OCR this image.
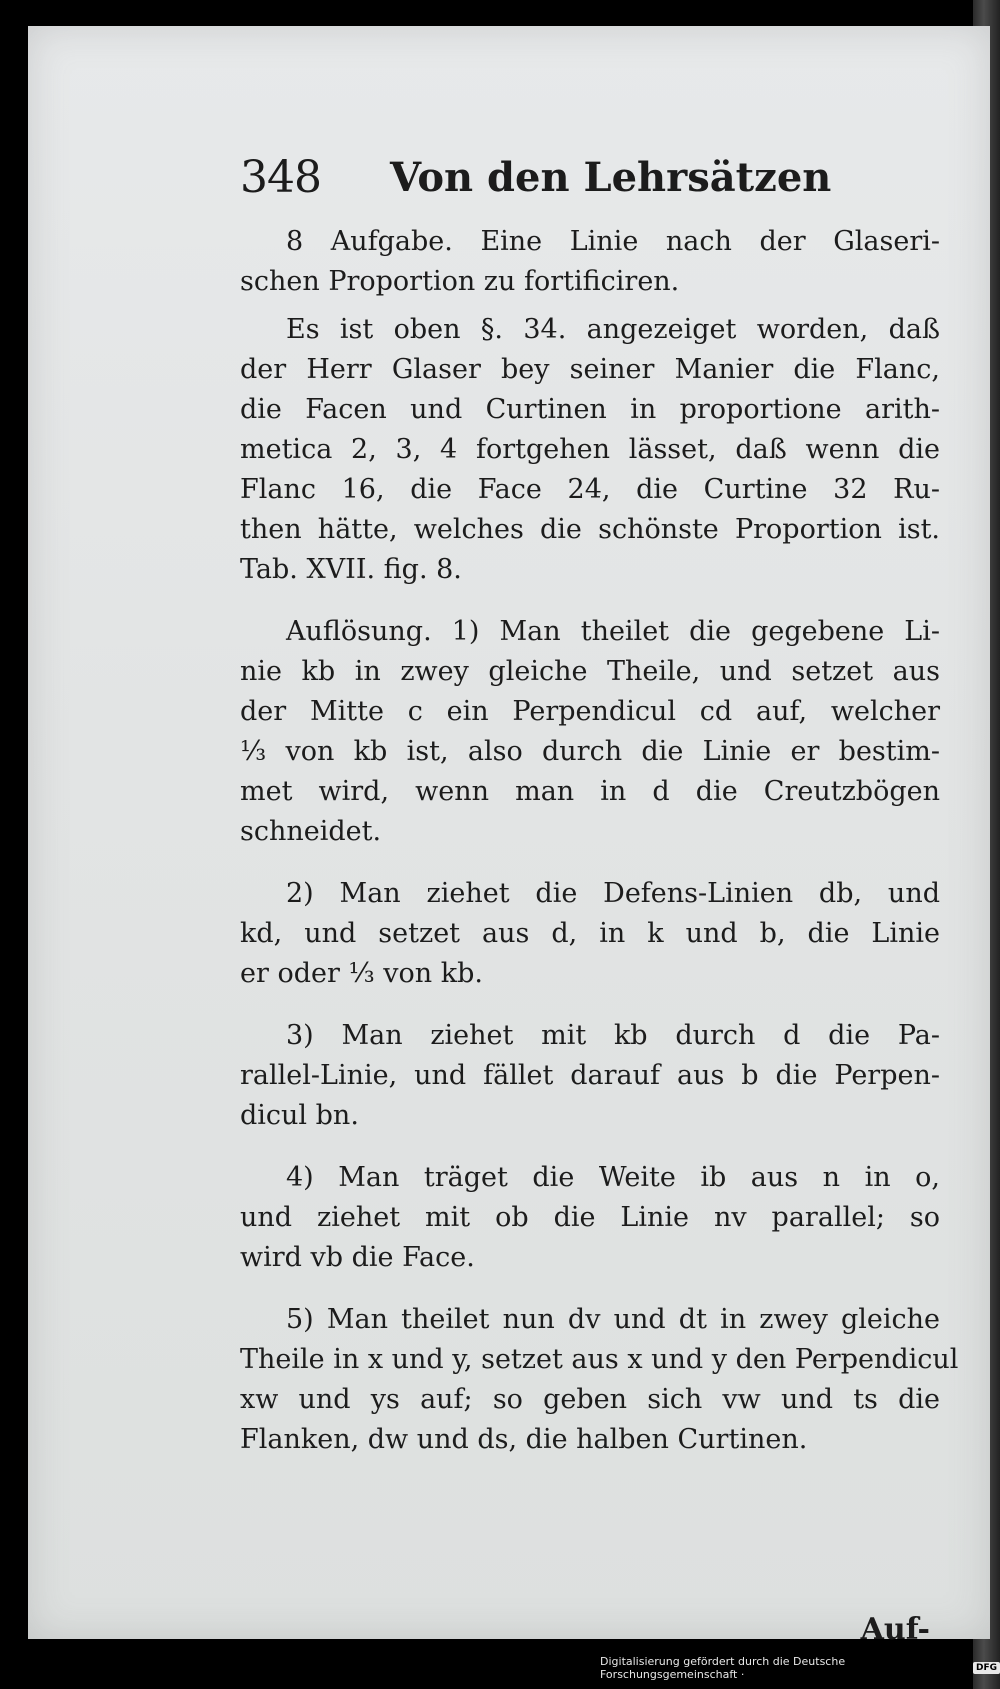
348 Von den Lehrsätzen
8 Aufgabe. Eine Linie nach der Glaseri-
schen Proportion zu fortificiren.
Es ist oben §. 34. angezeiget worden, daß
der Herr Glaser bey seiner Manier die Flanc,
die Facen und Curtinen in proportione arith-
metica 2, 3, 4 fortgehen lässet, daß wenn die
Flanc 16, die Face 24, die Curtine 32 Ru-
then hätte, welches die schönste Proportion ist.
Tab. XVII. fig. 8.
Auflösung. 1) Man theilet die gegebene Li-
nie kb in zwey gleiche Theile, und setzet aus
der Mitte c ein Perpendicul cd auf, welcher
⅓ von kb ist, also durch die Linie er bestim-
met wird, wenn man in d die Creutzbögen
schneidet.
2) Man ziehet die Defens-Linien db, und
kd, und setzet aus d, in k und b, die Linie
er oder ⅓ von kb.
3) Man ziehet mit kb durch d die Pa-
rallel-Linie, und fället darauf aus b die Perpen-
dicul bn.
4) Man träget die Weite ib aus n in o,
und ziehet mit ob die Linie nv parallel; so
wird vb die Face.
5) Man theilet nun dv und dt in zwey gleiche
Theile in x und y, setzet aus x und y den Perpendicul
xw und ys auf; so geben sich vw und ts die
Flanken, dw und ds, die halben Curtinen.
Auf-
Digitalisierung gefördert durch die Deutsche Forschungsgemeinschaft ·	DFG
